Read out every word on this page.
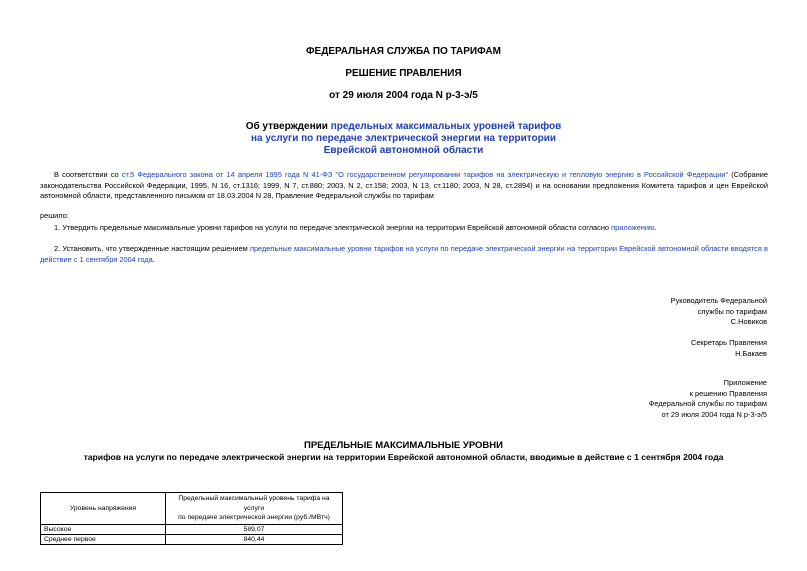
ФЕДЕРАЛЬНАЯ СЛУЖБА ПО ТАРИФАМ
РЕШЕНИЕ ПРАВЛЕНИЯ
от 29 июля 2004 года N р-3-э/5
Об утверждении предельных максимальных уровней тарифов
на услуги по передаче электрической энергии на территории
Еврейской автономной области
В соответствии со ст.5 Федерального закона от 14 апреля 1995 года N 41-ФЗ "О государственном регулировании тарифов на электрическую и тепловую энергию в Российской Федерации" (Собрание законодательства Российской Федерации, 1995, N 16, ст.1316; 1999, N 7, ст.880; 2003, N 2, ст.158; 2003, N 13, ст.1180; 2003, N 28, ст.2894) и на основании предложения Комитета тарифов и цен Еврейской автономной области, представленного письмом от 18.03.2004 N 28, Правление Федеральной службы по тарифам
решило:
1. Утвердить предельные максимальные уровни тарифов на услуги по передаче электрической энергии на территории Еврейской автономной области согласно приложению.
2. Установить, что утвержденные настоящим решением предельные максимальные уровни тарифов на услуги по передаче электрической энергии на территории Еврейской автономной области вводятся в действие с 1 сентября 2004 года.
Руководитель Федеральной
службы по тарифам
С.Новиков
Секретарь Правления
Н.Бакаев
Приложение
к решению Правления
Федеральной службы по тарифам
от 29 июля 2004 года N р-3-э/5
ПРЕДЕЛЬНЫЕ МАКСИМАЛЬНЫЕ УРОВНИ
тарифов на услуги по передаче электрической энергии на территории Еврейской автономной области, вводимые в действие с 1 сентября 2004 года
Уровень напряжения	Предельный максимальный уровень тарифа на услуги
по передаче электрической энергии (руб./МВтч)

Высокое	589,07
Среднее первое	840,44
